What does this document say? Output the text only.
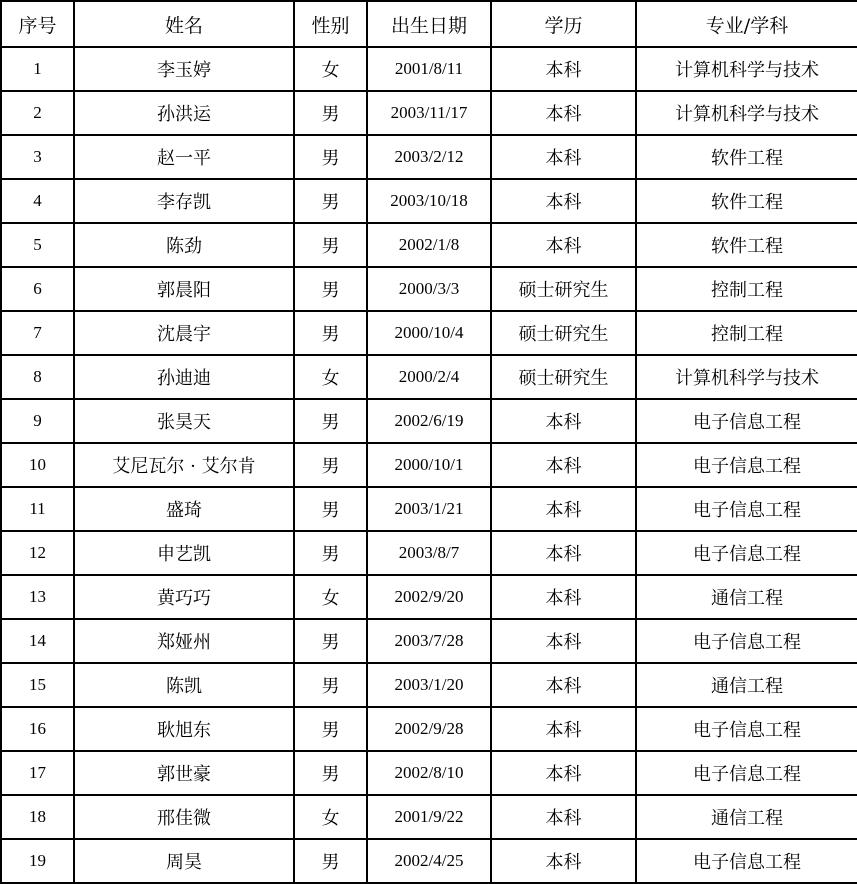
序号	姓名	性别	出生日期	学历	专业/学科
1	李玉婷	女	2001/8/11	本科	计算机科学与技术
2	孙洪运	男	2003/11/17	本科	计算机科学与技术
3	赵一平	男	2003/2/12	本科	软件工程
4	李存凯	男	2003/10/18	本科	软件工程
5	陈劲	男	2002/1/8	本科	软件工程
6	郭晨阳	男	2000/3/3	硕士研究生	控制工程
7	沈晨宇	男	2000/10/4	硕士研究生	控制工程
8	孙迪迪	女	2000/2/4	硕士研究生	计算机科学与技术
9	张昊天	男	2002/6/19	本科	电子信息工程
10	艾尼瓦尔 · 艾尔肯	男	2000/10/1	本科	电子信息工程
11	盛琦	男	2003/1/21	本科	电子信息工程
12	申艺凯	男	2003/8/7	本科	电子信息工程
13	黄巧巧	女	2002/9/20	本科	通信工程
14	郑娅州	男	2003/7/28	本科	电子信息工程
15	陈凯	男	2003/1/20	本科	通信工程
16	耿旭东	男	2002/9/28	本科	电子信息工程
17	郭世豪	男	2002/8/10	本科	电子信息工程
18	邢佳微	女	2001/9/22	本科	通信工程
19	周昊	男	2002/4/25	本科	电子信息工程
